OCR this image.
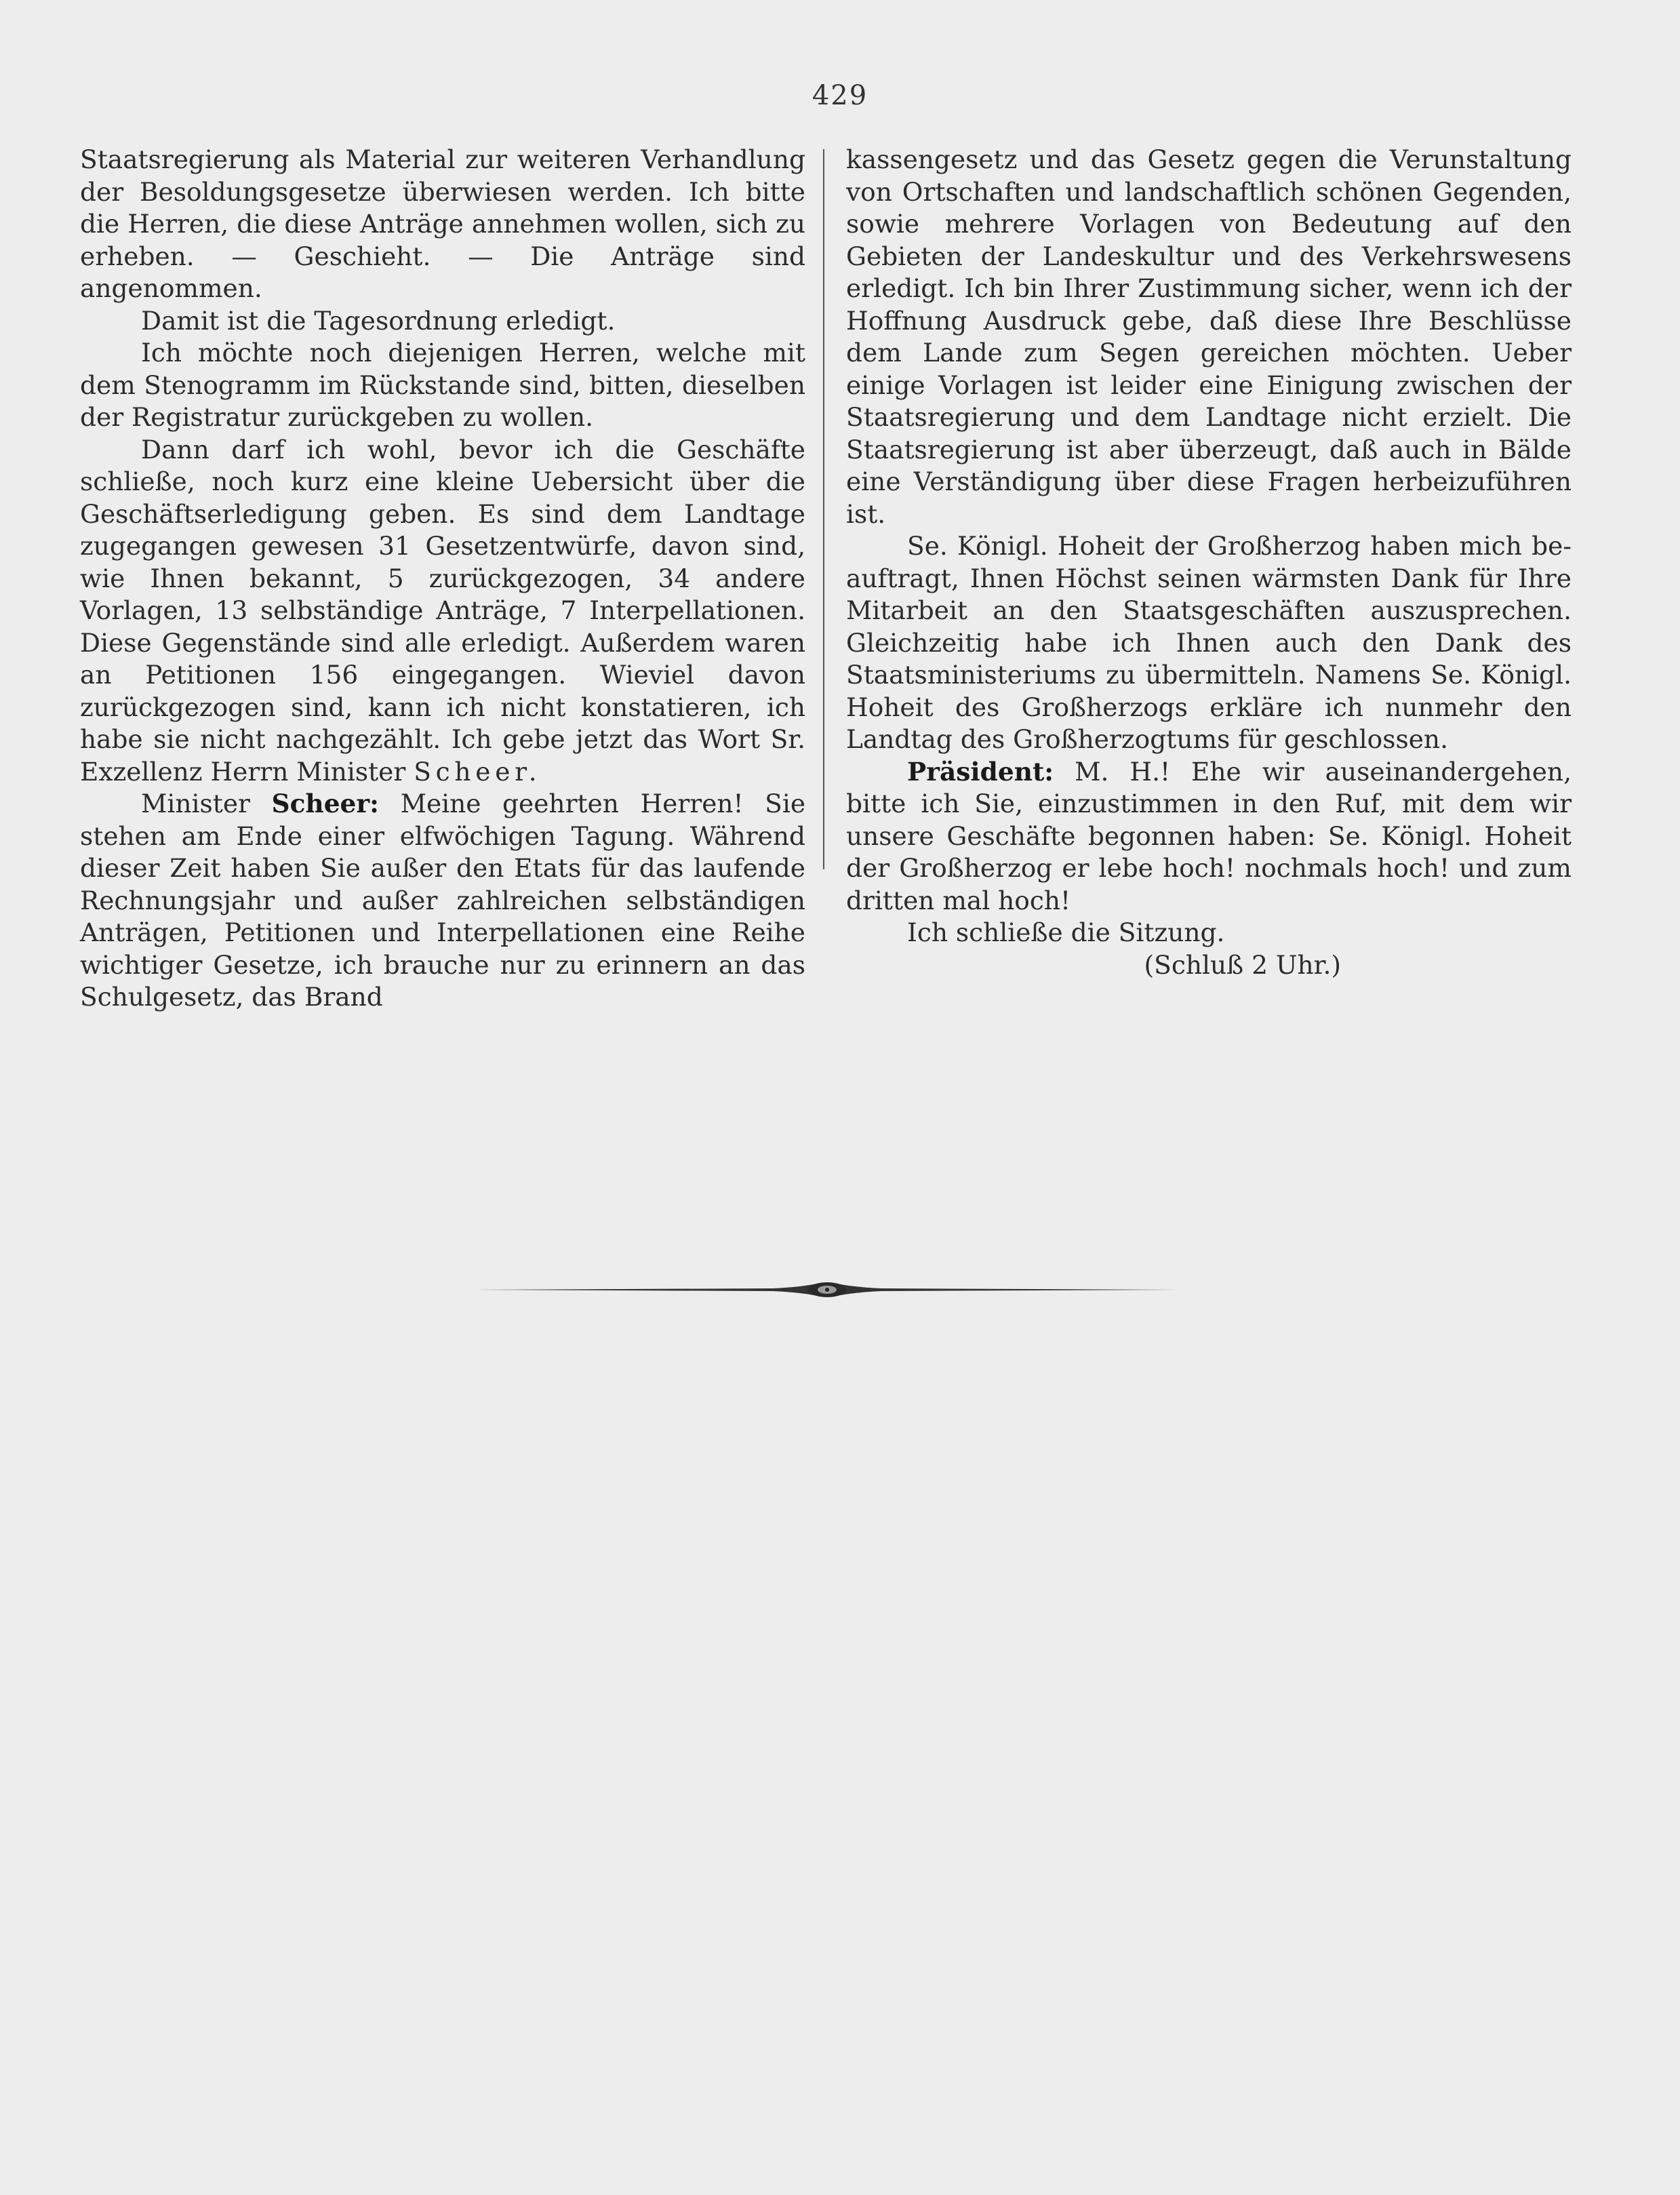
429

Staatsregierung als Material zur weiteren Verhandlung der Besoldungsgesetze überwiesen werden. Ich bitte die Herren, die diese Anträge annehmen wollen, sich zu erheben. — Geschieht. — Die Anträge sind angenommen.

Damit ist die Tagesordnung erledigt.

Ich möchte noch diejenigen Herren, welche mit dem Stenogramm im Rückstande sind, bitten, dieselben der Registratur zurückgeben zu wollen.

Dann darf ich wohl, bevor ich die Geschäfte schließe, noch kurz eine kleine Uebersicht über die Geschäftserledigung geben. Es sind dem Landtage zugegangen gewesen 31 Gesetzentwürfe, davon sind, wie Ihnen bekannt, 5 zurückgezogen, 34 andere Vorlagen, 13 selbständige Anträge, 7 Interpellationen. Diese Gegenstände sind alle erledigt. Außerdem waren an Petitionen 156 eingegangen. Wieviel davon zurückgezogen sind, kann ich nicht konstatieren, ich habe sie nicht nachgezählt. Ich gebe jetzt das Wort Sr. Exzellenz Herrn Minister Scheer.

Minister Scheer: Meine geehrten Herren! Sie stehen am Ende einer elfwöchigen Tagung. Während dieser Zeit haben Sie außer den Etats für das laufende Rechnungsjahr und außer zahlreichen selbständigen Anträgen, Petitionen und Interpellationen eine Reihe wichtiger Gesetze, ich brauche nur zu erinnern an das Schulgesetz, das Brand

kassengesetz und das Gesetz gegen die Verunstaltung von Ortschaften und landschaftlich schönen Gegenden, sowie mehrere Vorlagen von Bedeutung auf den Gebieten der Landeskultur und des Verkehrswesens erledigt. Ich bin Ihrer Zustimmung sicher, wenn ich der Hoffnung Ausdruck gebe, daß diese Ihre Beschlüsse dem Lande zum Segen gereichen möchten. Ueber einige Vorlagen ist leider eine Einigung zwischen der Staatsregierung und dem Landtage nicht erzielt. Die Staatsregierung ist aber überzeugt, daß auch in Bälde eine Verständigung über diese Fragen herbeizuführen ist.

Se. Königl. Hoheit der Großherzog haben mich beauftragt, Ihnen Höchst seinen wärmsten Dank für Ihre Mitarbeit an den Staatsgeschäften auszusprechen. Gleichzeitig habe ich Ihnen auch den Dank des Staatsministeriums zu übermitteln. Namens Se. Königl. Hoheit des Großherzogs erkläre ich nunmehr den Landtag des Großherzogtums für geschlossen.

Präsident: M. H.! Ehe wir auseinandergehen, bitte ich Sie, einzustimmen in den Ruf, mit dem wir unsere Geschäfte begonnen haben: Se. Königl. Hoheit der Großherzog er lebe hoch! nochmals hoch! und zum dritten mal hoch!

Ich schließe die Sitzung.

(Schluß 2 Uhr.)
